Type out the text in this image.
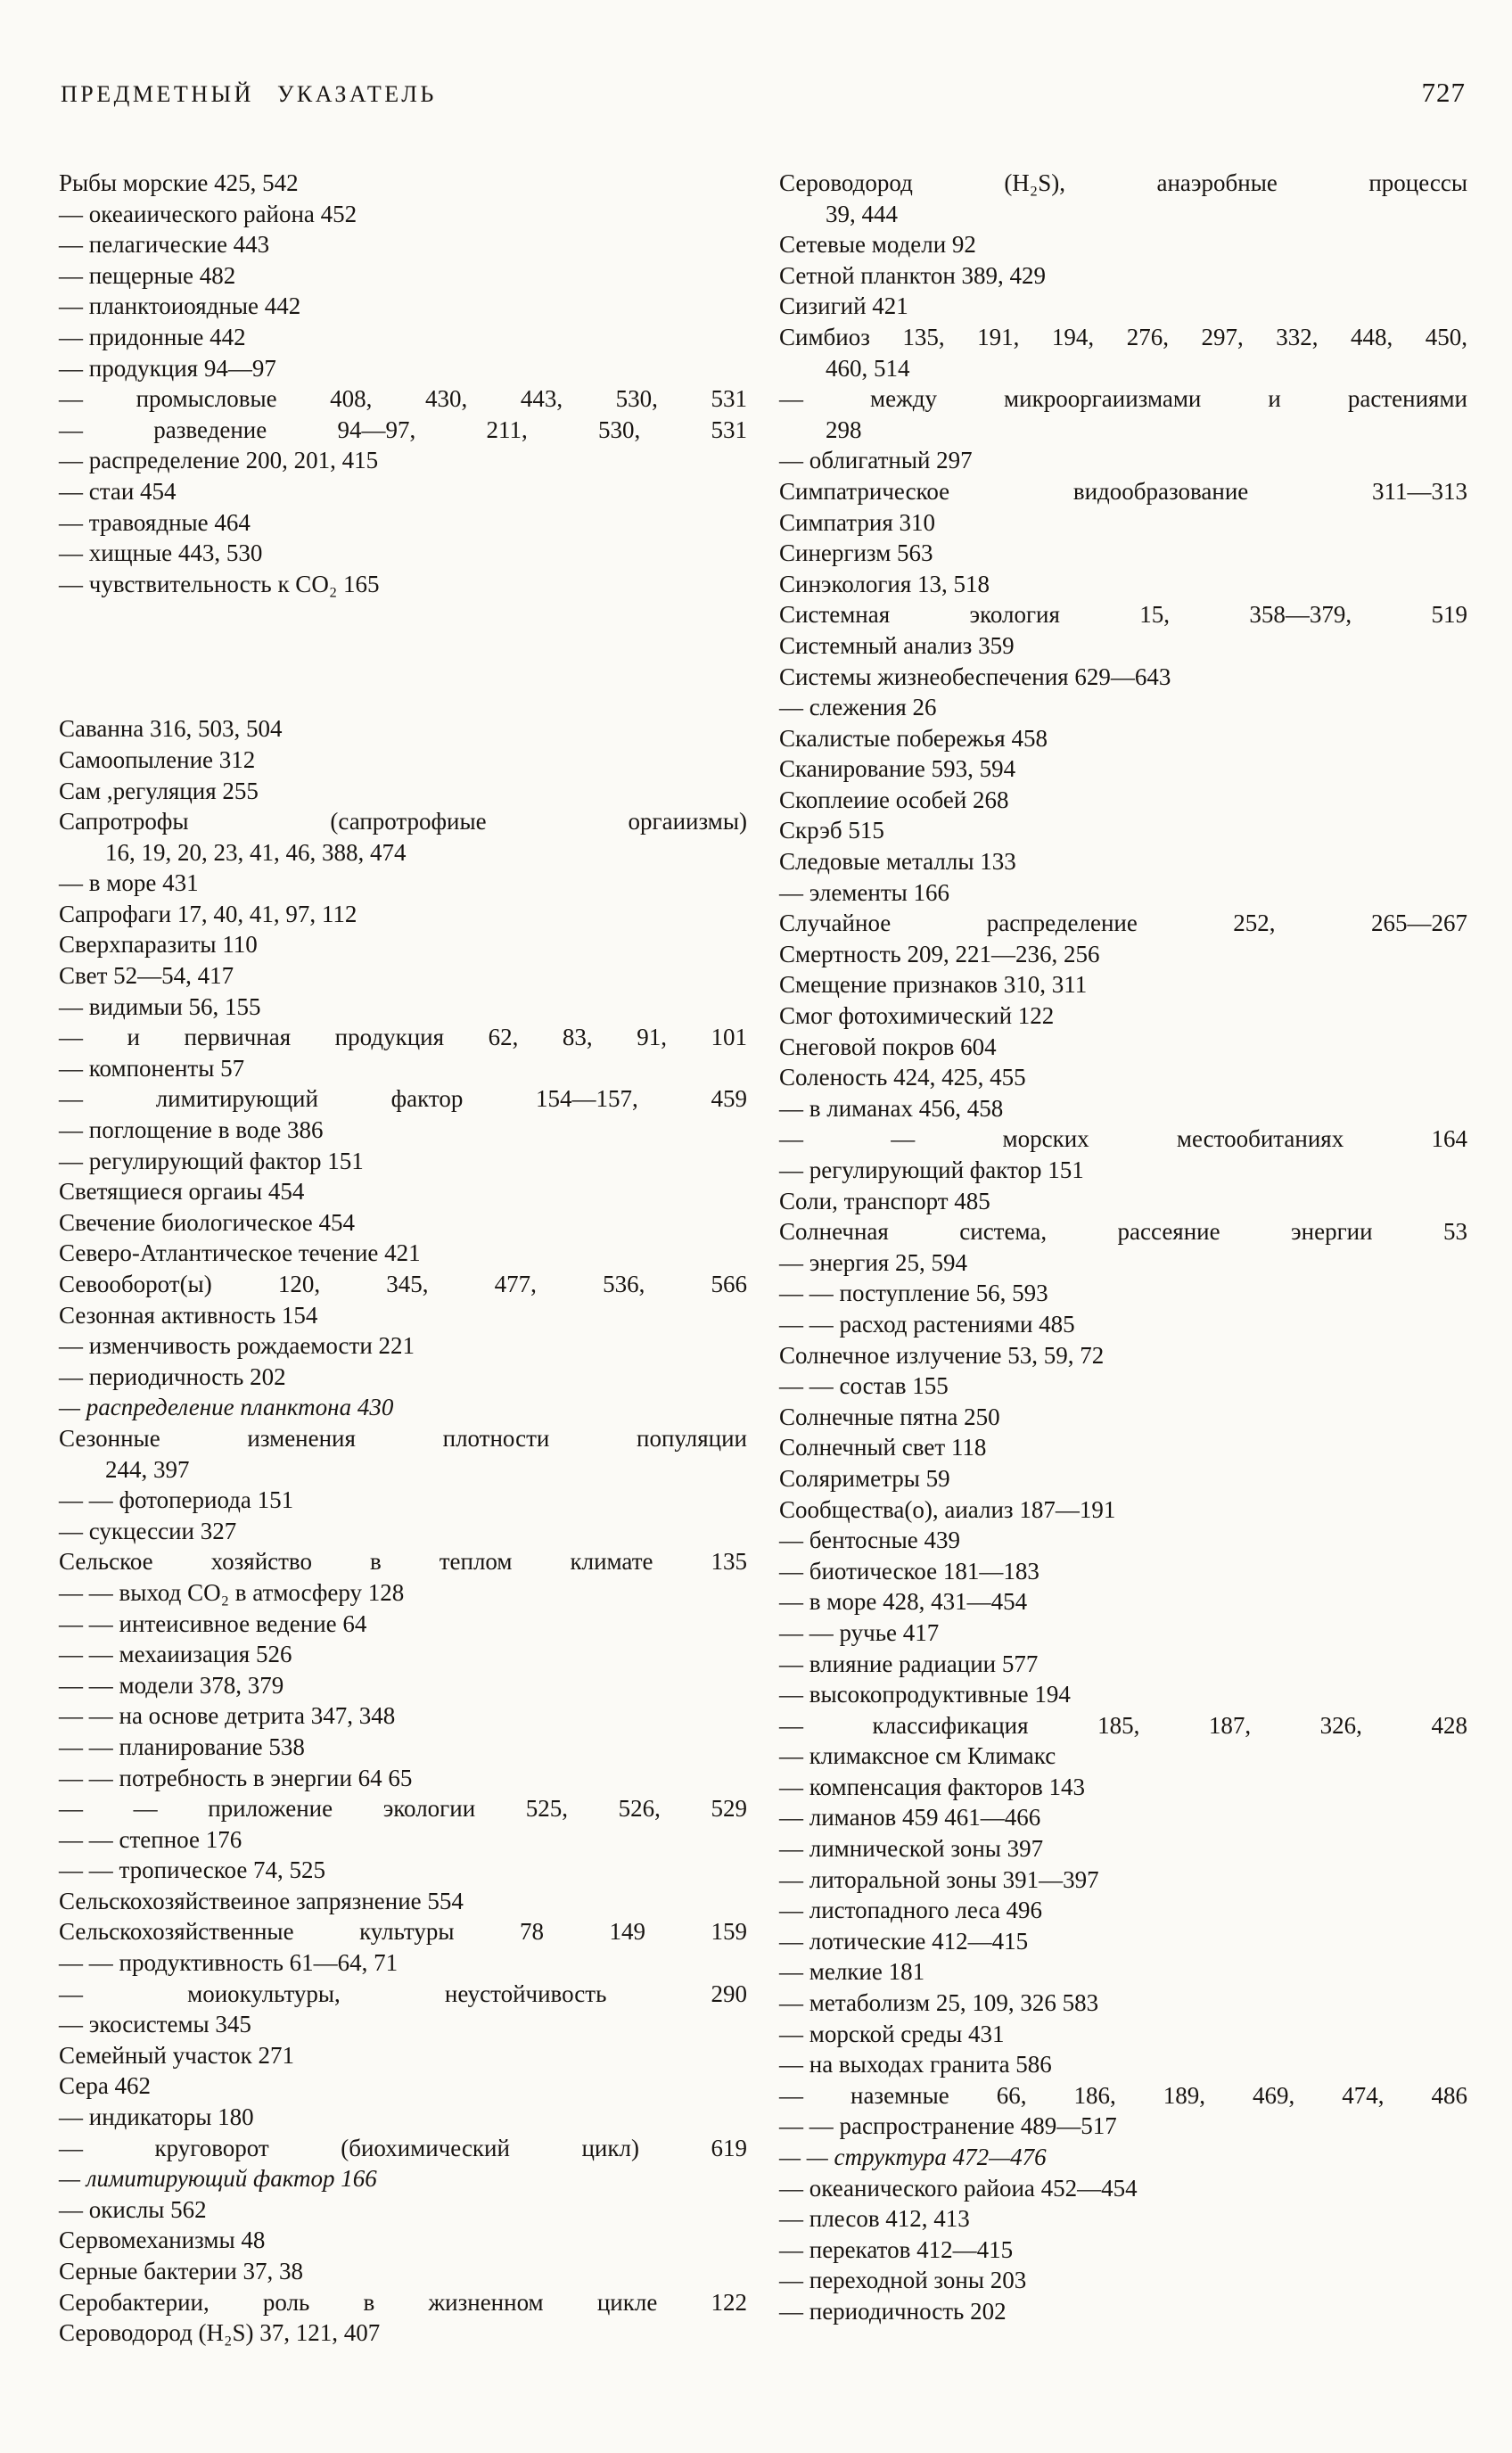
ПРЕДМЕТНЫЙ УКАЗАТЕЛЬ	727

Рыбы морские 425, 542

— океаиического района 452

— пелагические 443

— пещерные 482

— планктоиоядные 442

— придонные 442

— продукция 94—97

— промысловые 408, 430, 443, 530, 531

— разведение 94—97, 211, 530, 531

— распределение 200, 201, 415

— стаи 454

— травоядные 464

— хищные 443, 530

— чувствительность к CO₂ 165

Саванна 316, 503, 504

Самоопыление 312

Сам ,регуляция 255

Сапротрофы (сапротрофиые оргаиизмы)

16, 19, 20, 23, 41, 46, 388, 474

— в море 431

Сапрофаги 17, 40, 41, 97, 112

Сверхпаразиты 110

Свет 52—54, 417

— видимыи 56, 155

— и первичная продукция 62, 83, 91, 101

— компоненты 57

— лимитирующий фактор 154—157, 459

— поглощение в воде 386

— регулирующий фактор 151

Светящиеся оргаиы 454

Свечение биологическое 454

Северо-Атлантическое течение 421

Севооборот(ы) 120, 345, 477, 536, 566

Сезонная активность 154

— изменчивость рождаемости 221

— периодичность 202

— распределение планктона 430

Сезонные изменения плотности популяции

244, 397

— — фотопериода 151

— сукцессии 327

Сельское хозяйство в теплом климате 135

— — выход CO₂ в атмосферу 128

— — интеисивное ведение 64

— — мехаиизация 526

— — модели 378, 379

— — на основе детрита 347, 348

— — планирование 538

— — потребность в энергии 64 65

— — приложение экологии 525, 526, 529

— — степное 176

— — тропическое 74, 525

Сельскохозяйствеиное запрязнение 554

Сельскохозяйственные культуры 78 149 159

— — продуктивность 61—64, 71

— моиокультуры, неустойчивость 290

— экосистемы 345

Семейный участок 271

Сера 462

— индикаторы 180

— круговорот (биохимический цикл) 619

— лимитирующий фактор 166

— окислы 562

Сервомеханизмы 48

Серные бактерии 37, 38

Серобактерии, роль в жизненном цикле 122

Сероводород (H₂S) 37, 121, 407

Сероводород (H₂S), анаэробные процессы

39, 444

Сетевые модели 92

Сетной планктон 389, 429

Сизигий 421

Симбиоз 135, 191, 194, 276, 297, 332, 448, 450,

460, 514

— между микрооргаиизмами и растениями

298

— облигатный 297

Симпатрическое видообразование 311—313

Симпатрия 310

Синергизм 563

Синэкология 13, 518

Системная экология 15, 358—379, 519

Системный анализ 359

Системы жизнеобеспечения 629—643

— слежения 26

Скалистые побережья 458

Сканирование 593, 594

Скоплеиие особей 268

Скрэб 515

Следовые металлы 133

— элементы 166

Случайное распределение 252, 265—267

Смертность 209, 221—236, 256

Смещение признаков 310, 311

Смог фотохимический 122

Снеговой покров 604

Соленость 424, 425, 455

— в лиманах 456, 458

— — морских местообитаниях 164

— регулирующий фактор 151

Соли, транспорт 485

Солнечная система, рассеяние энергии 53

— энергия 25, 594

— — поступление 56, 593

— — расход растениями 485

Солнечное излучение 53, 59, 72

— — состав 155

Солнечные пятна 250

Солнечный свет 118

Соляриметры 59

Сообщества(о), аиализ 187—191

— бентосные 439

— биотическое 181—183

— в море 428, 431—454

— — ручье 417

— влияние радиации 577

— высокопродуктивные 194

— классификация 185, 187, 326, 428

— климаксное см Климакс

— компенсация факторов 143

— лиманов 459 461—466

— лимнической зоны 397

— литоральной зоны 391—397

— листопадного леса 496

— лотические 412—415

— мелкие 181

— метаболизм 25, 109, 326 583

— морской среды 431

— на выходах гранита 586

— наземные 66, 186, 189, 469, 474, 486

— — распространение 489—517

— — структура 472—476

— океанического райоиа 452—454

— плесов 412, 413

— перекатов 412—415

— переходной зоны 203

— периодичность 202
